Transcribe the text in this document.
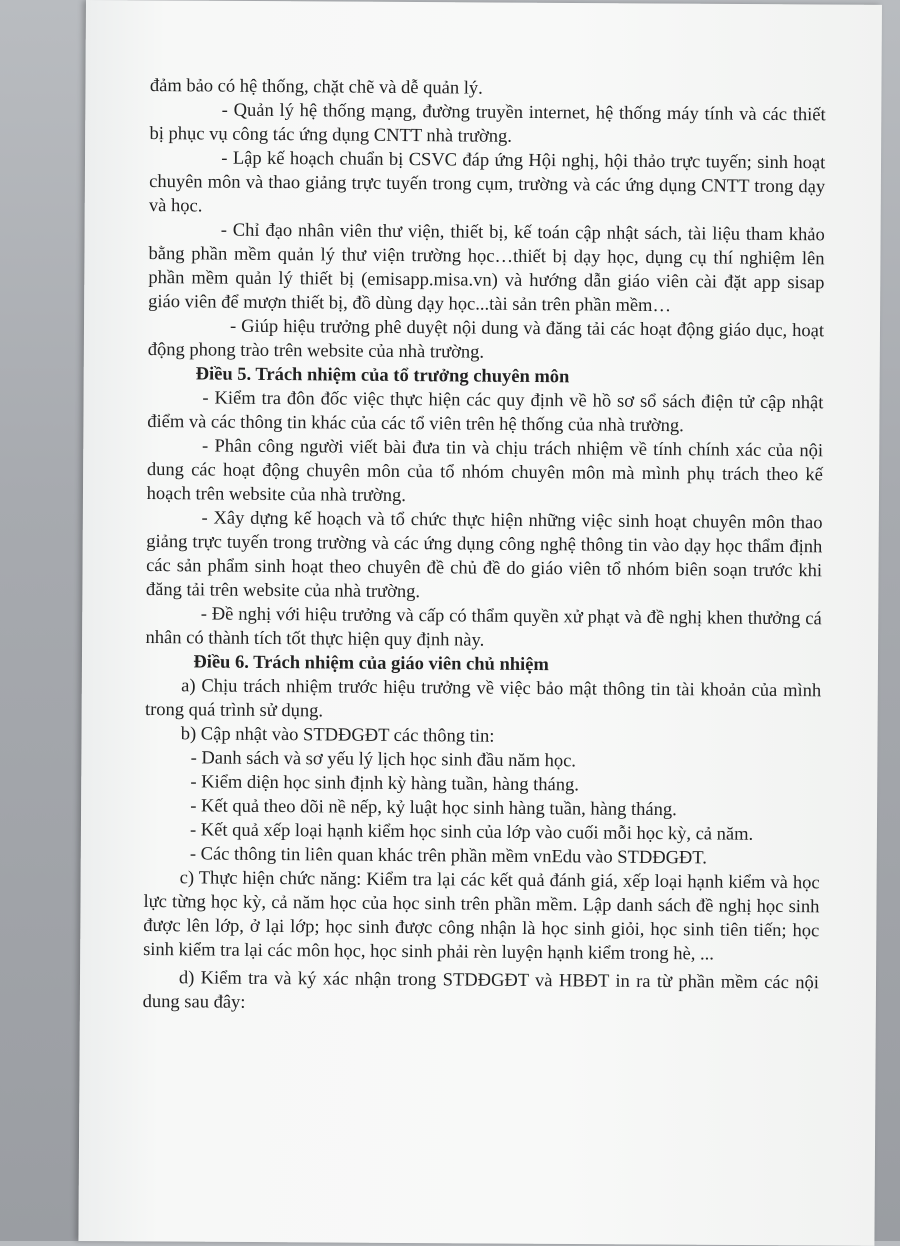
đảm bảo có hệ thống, chặt chẽ và dễ quản lý.

- Quản lý hệ thống mạng, đường truyền internet, hệ thống máy tính và các thiết bị phục vụ công tác ứng dụng CNTT nhà trường.

- Lập kế hoạch chuẩn bị CSVC đáp ứng Hội nghị, hội thảo trực tuyến; sinh hoạt chuyên môn và thao giảng trực tuyến trong cụm, trường và các ứng dụng CNTT trong dạy và học.

- Chỉ đạo nhân viên thư viện, thiết bị, kế toán cập nhật sách, tài liệu tham khảo bằng phần mềm quản lý thư viện trường học…thiết bị dạy học, dụng cụ thí nghiệm lên phần mềm quản lý thiết bị (emisapp.misa.vn) và hướng dẫn giáo viên cài đặt app sisap giáo viên để mượn thiết bị, đồ dùng dạy học...tài sản trên phần mềm…

- Giúp hiệu trưởng phê duyệt nội dung và đăng tải các hoạt động giáo dục, hoạt động phong trào trên website của nhà trường.

Điều 5. Trách nhiệm của tổ trưởng chuyên môn

- Kiểm tra đôn đốc việc thực hiện các quy định về hồ sơ sổ sách điện tử cập nhật điểm và các thông tin khác của các tổ viên trên hệ thống của nhà trường.

- Phân công người viết bài đưa tin và chịu trách nhiệm về tính chính xác của nội dung các hoạt động chuyên môn của tổ nhóm chuyên môn mà mình phụ trách theo kế hoạch trên website của nhà trường.

- Xây dựng kế hoạch và tổ chức thực hiện những việc sinh hoạt chuyên môn thao giảng trực tuyến trong trường và các ứng dụng công nghệ thông tin vào dạy học thẩm định các sản phẩm sinh hoạt theo chuyên đề chủ đề do giáo viên tổ nhóm biên soạn trước khi đăng tải trên website của nhà trường.

- Đề nghị với hiệu trưởng và cấp có thẩm quyền xử phạt và đề nghị khen thưởng cá nhân có thành tích tốt thực hiện quy định này.

Điều 6. Trách nhiệm của giáo viên chủ nhiệm

a) Chịu trách nhiệm trước hiệu trưởng về việc bảo mật thông tin tài khoản của mình trong quá trình sử dụng.

b) Cập nhật vào STDĐGĐT các thông tin:

- Danh sách và sơ yếu lý lịch học sinh đầu năm học.

- Kiểm diện học sinh định kỳ hàng tuần, hàng tháng.

- Kết quả theo dõi nề nếp, kỷ luật học sinh hàng tuần, hàng tháng.

- Kết quả xếp loại hạnh kiểm học sinh của lớp vào cuối mỗi học kỳ, cả năm.

- Các thông tin liên quan khác trên phần mềm vnEdu vào STDĐGĐT.

c) Thực hiện chức năng: Kiểm tra lại các kết quả đánh giá, xếp loại hạnh kiểm và học lực từng học kỳ, cả năm học của học sinh trên phần mềm. Lập danh sách đề nghị học sinh được lên lớp, ở lại lớp; học sinh được công nhận là học sinh giỏi, học sinh tiên tiến; học sinh kiểm tra lại các môn học, học sinh phải rèn luyện hạnh kiểm trong hè, ...

d) Kiểm tra và ký xác nhận trong STDĐGĐT và HBĐT in ra từ phần mềm các nội dung sau đây:
